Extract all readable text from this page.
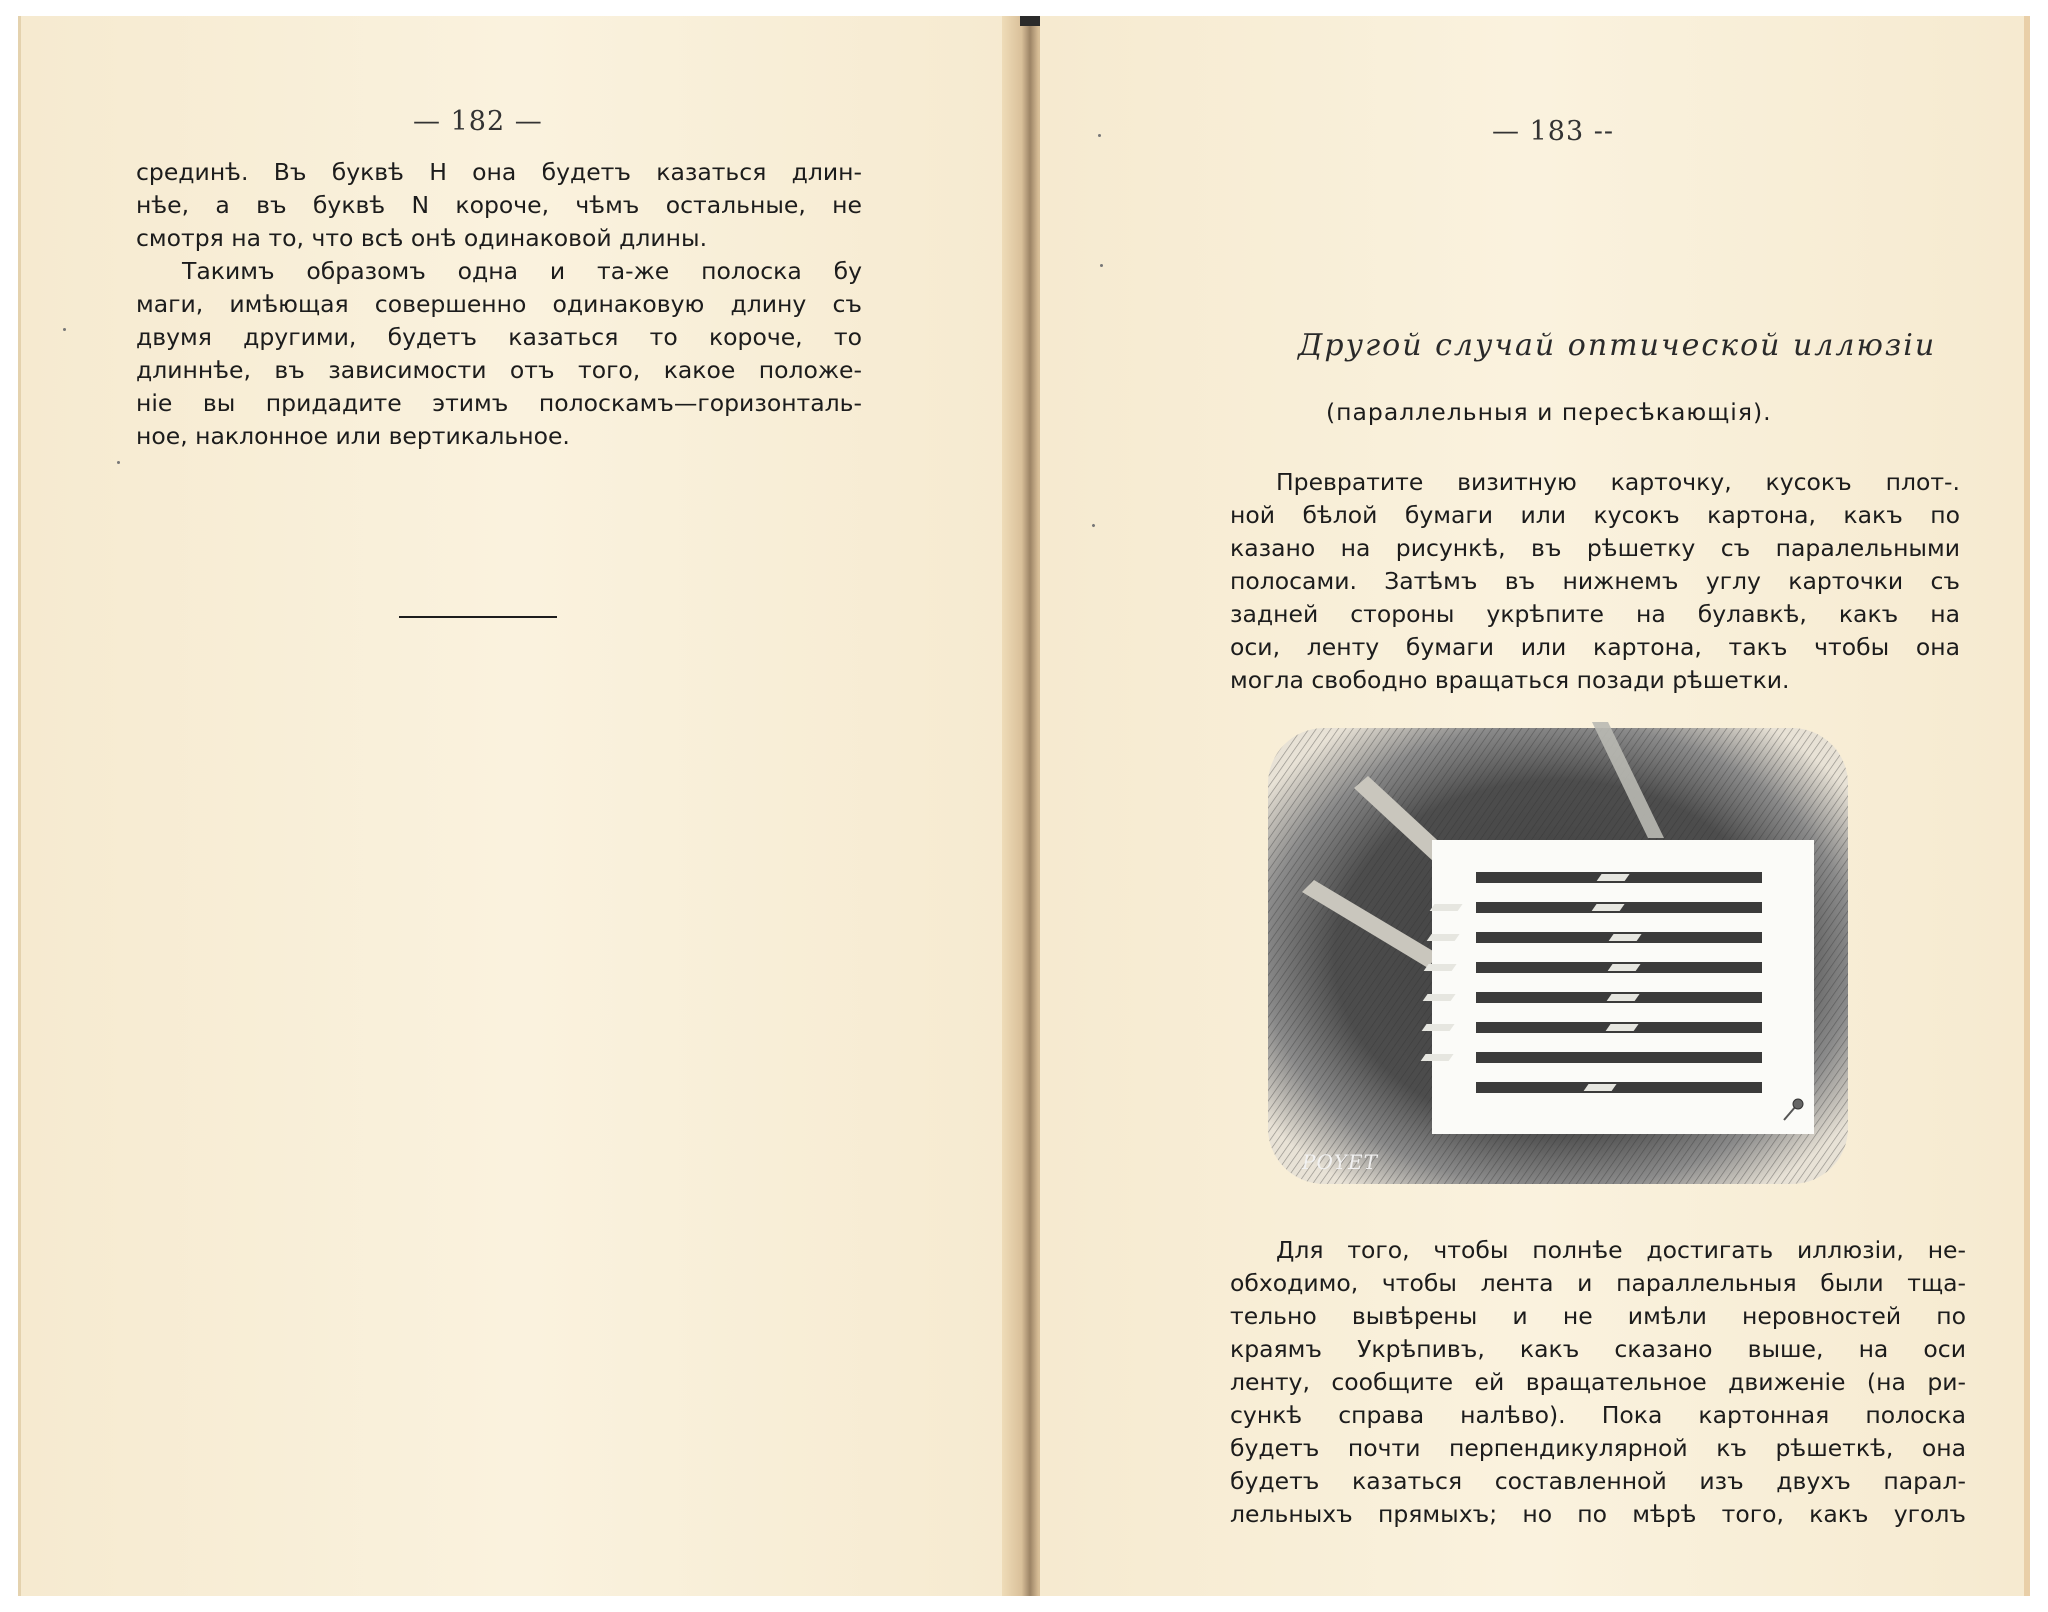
— 182 —
срединѣ. Въ буквѣ Н она будетъ казаться длин-
нѣе, а въ буквѣ N короче, чѣмъ остальные, не
смотря на то, что всѣ онѣ одинаковой длины.
Такимъ образомъ одна и та-же полоска бу
маги, имѣющая совершенно одинаковую длину съ
двумя другими, будетъ казаться то короче, то
длиннѣе, въ зависимости отъ того, какое положе-
ніе вы придадите этимъ полоскамъ—горизонталь-
ное, наклонное или вертикальное.
— 183 --
Другой случай оптической иллюзіи
(параллельныя и пересѣкающія).
Превратите визитную карточку, кусокъ плот-.
ной бѣлой бумаги или кусокъ картона, какъ по
казано на рисункѣ, въ рѣшетку съ паралельными
полосами. Затѣмъ въ нижнемъ углу карточки съ
задней стороны укрѣпите на булавкѣ, какъ на
оси, ленту бумаги или картона, такъ чтобы она
могла свободно вращаться позади рѣшетки.
Для того, чтобы полнѣе достигать иллюзіи, не-
обходимо, чтобы лента и параллельныя были тща-
тельно вывѣрены и не имѣли неровностей по
краямъ Укрѣпивъ, какъ сказано выше, на оси
ленту, сообщите ей вращательное движеніе (на ри-
сункѣ справа налѣво). Пока картонная полоска
будетъ почти перпендикулярной къ рѣшеткѣ, она
будетъ казаться составленной изъ двухъ парал-
лельныхъ прямыхъ; но по мѣрѣ того, какъ уголъ
POYET
